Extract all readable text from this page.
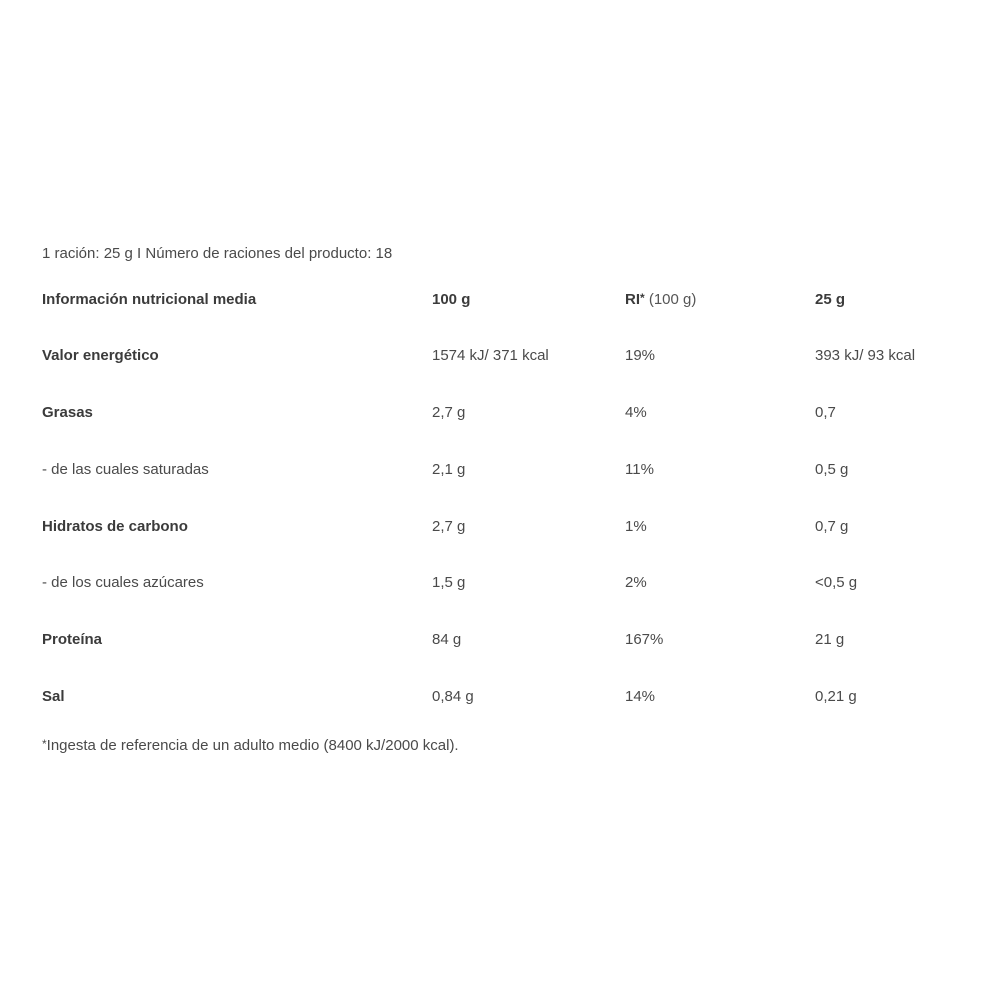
1 ración: 25 g I Número de raciones del producto: 18
Información nutricional media	100 g	RI* (100 g)	25 g
Valor energético	1574 kJ/ 371 kcal	19%	393 kJ/ 93 kcal
Grasas	2,7 g	4%	0,7
- de las cuales saturadas	2,1 g	11%	0,5 g
Hidratos de carbono	2,7 g	1%	0,7 g
- de los cuales azúcares	1,5 g	2%	<0,5 g
Proteína	84 g	167%	21 g
Sal	0,84 g	14%	0,21 g
*Ingesta de referencia de un adulto medio (8400 kJ/2000 kcal).
